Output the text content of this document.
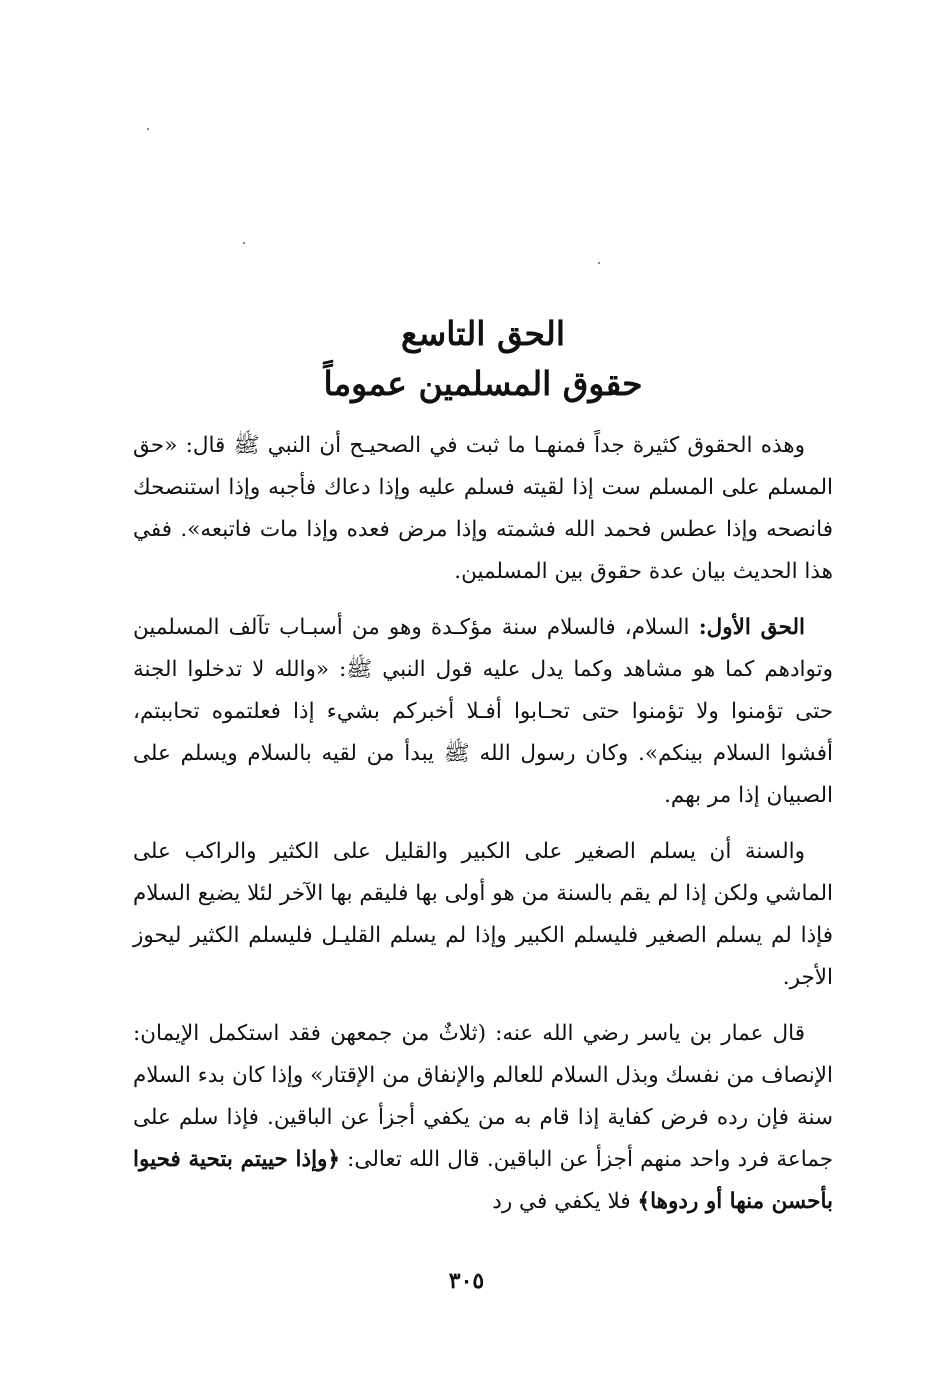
الحق التاسع
حقوق المسلمين عموماً

وهذه الحقوق كثيرة جداً فمنهـا ما ثبت في الصحيـح أن النبي ﷺ قال: «حق المسلم على المسلم ست إذا لقيته فسلم عليه وإذا دعاك فأجبه وإذا استنصحك فانصحه وإذا عطس فحمد الله فشمته وإذا مرض فعده وإذا مات فاتبعه». ففي هذا الحديث بيان عدة حقوق بين المسلمين.

الحق الأول: السلام، فالسلام سنة مؤكـدة وهو من أسبـاب تآلف المسلمين وتوادهم كما هو مشاهد وكما يدل عليه قول النبي ﷺ: «والله لا تدخلوا الجنة حتى تؤمنوا ولا تؤمنوا حتى تحـابوا أفـلا أخبركم بشيء إذا فعلتموه تحاببتم، أفشوا السلام بينكم». وكان رسول الله ﷺ يبدأ من لقيه بالسلام ويسلم على الصبيان إذا مر بهم.

والسنة أن يسلم الصغير على الكبير والقليل على الكثير والراكب على الماشي ولكن إذا لم يقم بالسنة من هو أولى بها فليقم بها الآخر لئلا يضيع السلام فإذا لم يسلم الصغير فليسلم الكبير وإذا لم يسلم القليـل فليسلم الكثير ليحوز الأجر.

قال عمار بن ياسر رضي الله عنه: (ثلاثٌ من جمعهن فقد استكمل الإيمان: الإنصاف من نفسك وبذل السلام للعالم والإنفاق من الإقتار» وإذا كان بدء السلام سنة فإن رده فرض كفاية إذا قام به من يكفي أجزأ عن الباقين. فإذا سلم على جماعة فرد واحد منهم أجزأ عن الباقين. قال الله تعالى: ﴿وإذا حييتم بتحية فحيوا بأحسن منها أو ردوها﴾ فلا يكفي في رد

٣٠٥
